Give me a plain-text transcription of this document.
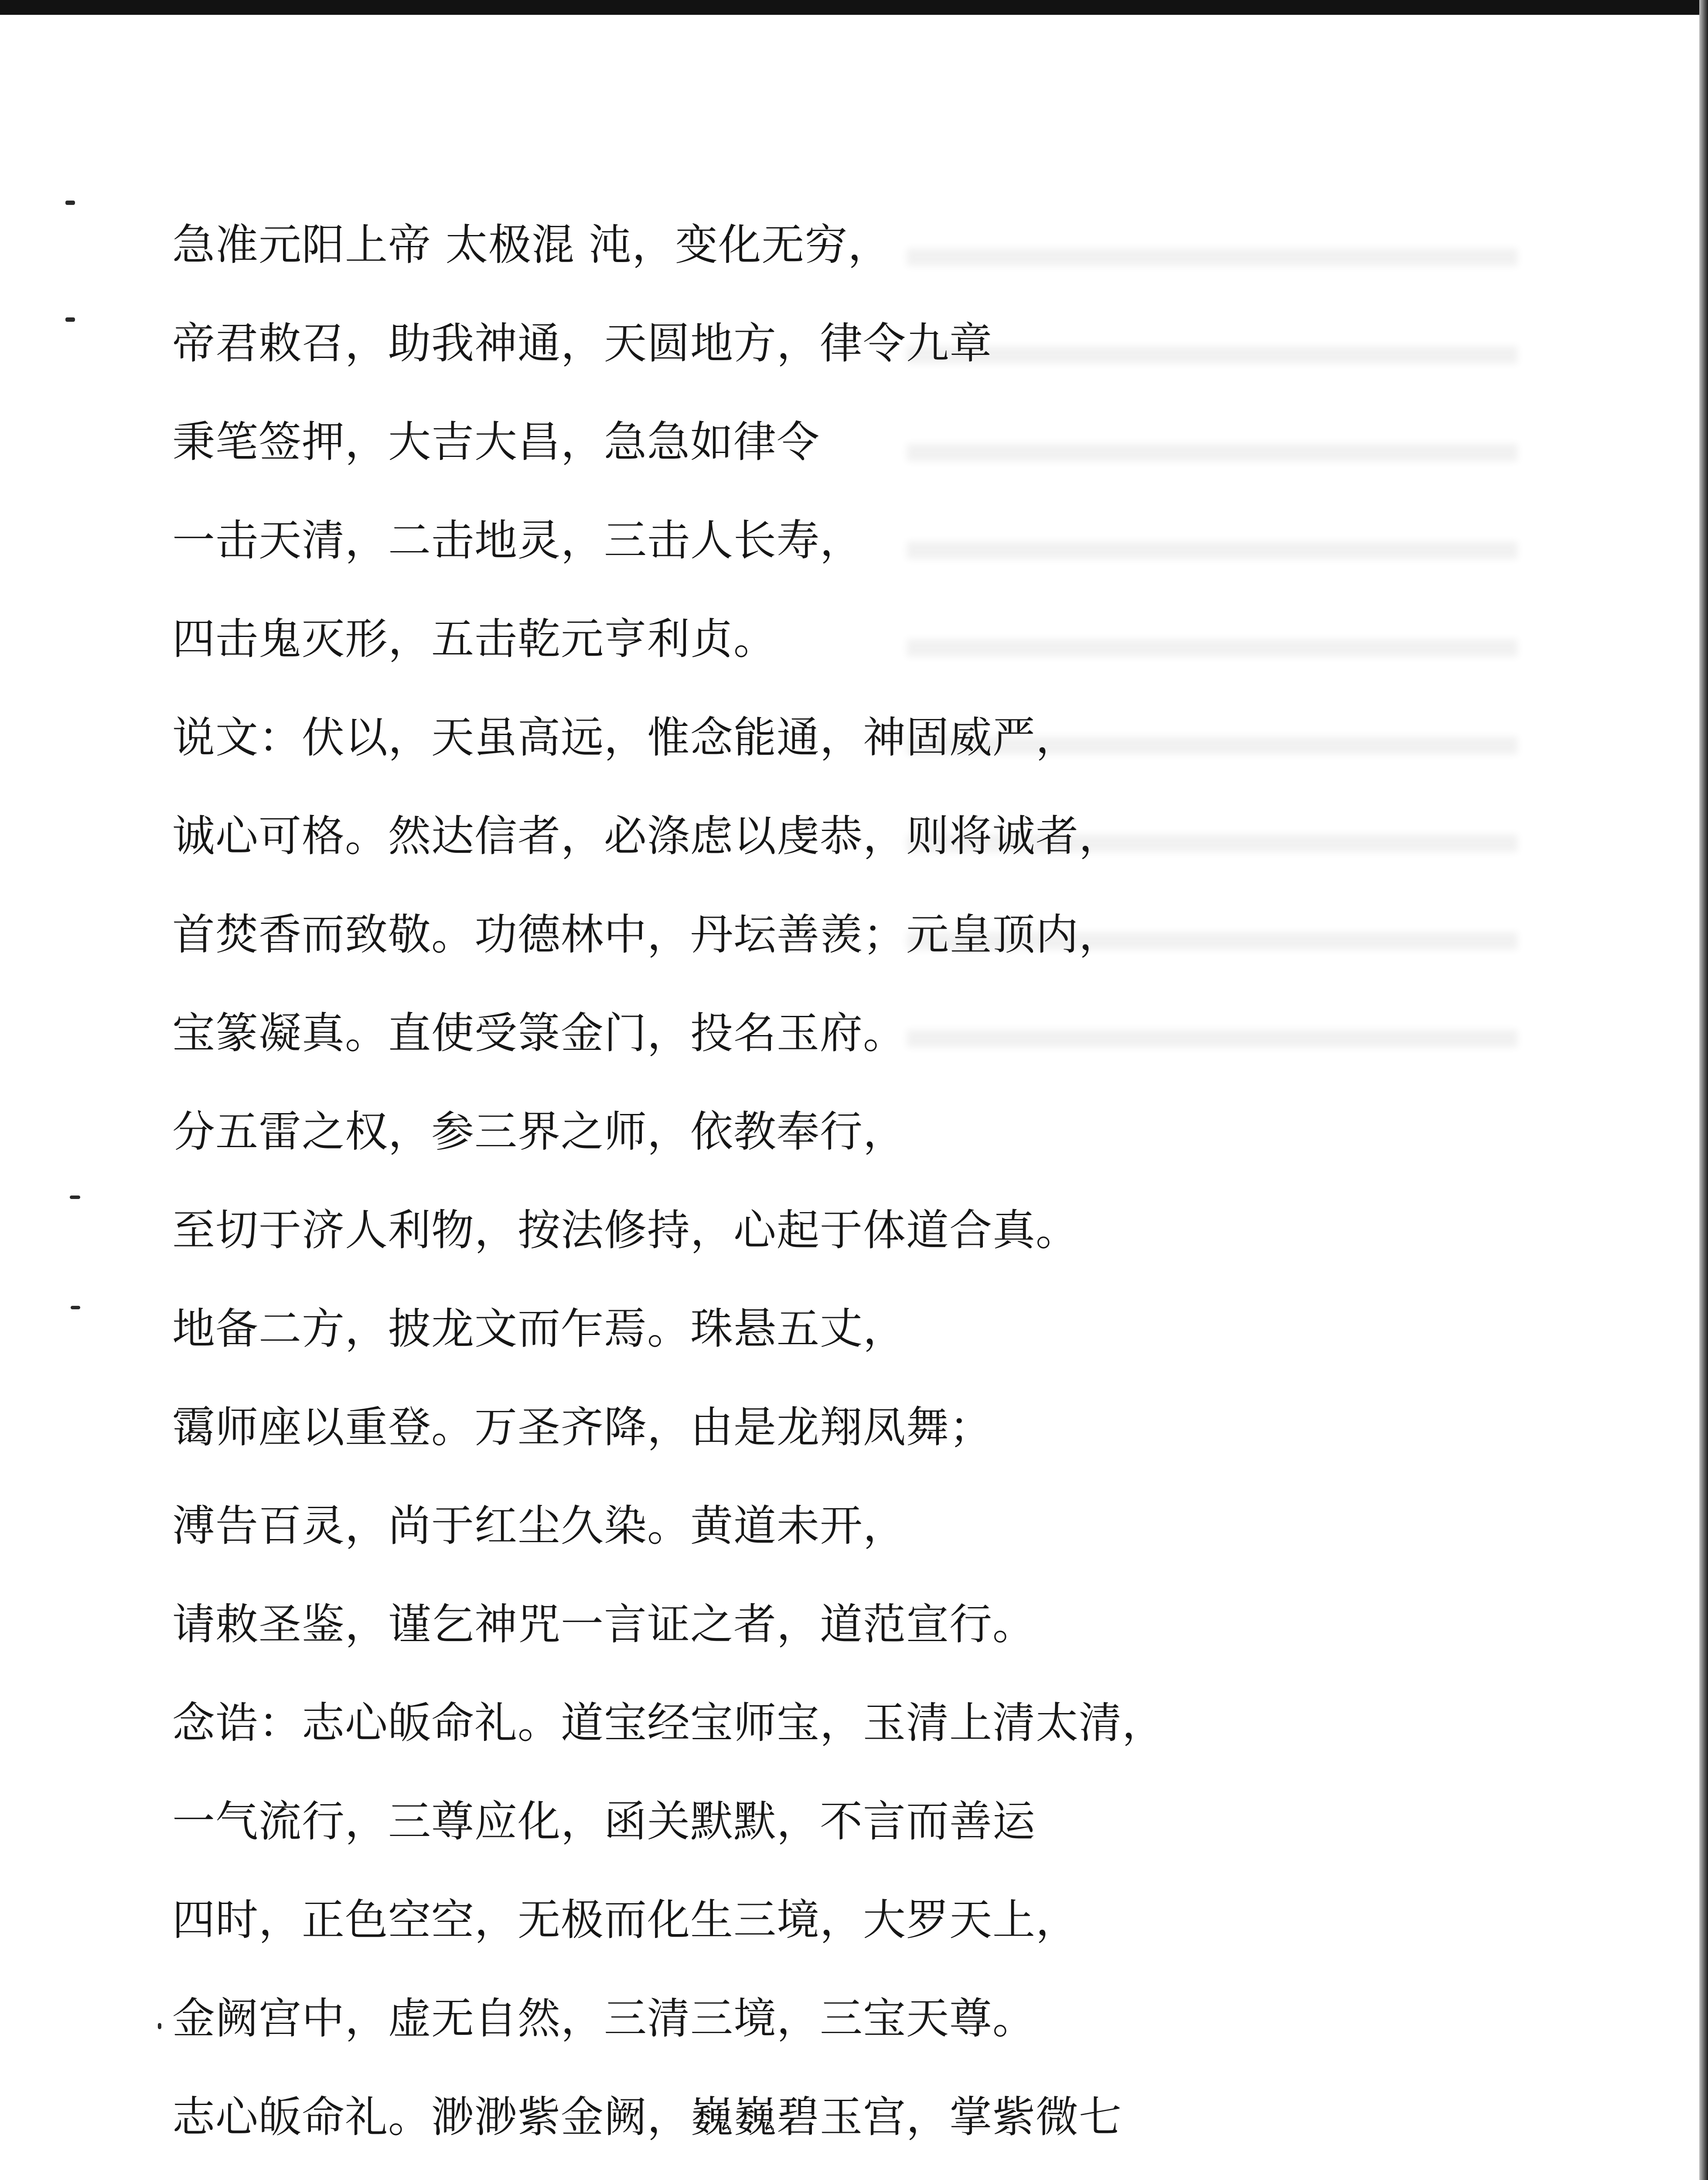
急准元阳上帝 太极混 沌，变化无穷，
帝君敕召，助我神通，天圆地方，律令九章
秉笔签押，大吉大昌，急急如律令
一击天清，二击地灵，三击人长寿，
四击鬼灭形，五击乾元亨利贞。
说文：伏以，天虽高远，惟念能通，神固威严，
诚心可格。然达信者，必涤虑以虔恭，则将诚者，
首焚香而致敬。功德林中，丹坛善羡；元皇顶内，
宝篆凝真。直使受箓金门，投名玉府。
分五雷之权，参三界之师，依教奉行，
至切于济人利物，按法修持，心起于体道合真。
地备二方，披龙文而乍焉。珠悬五丈，
霭师座以重登。万圣齐降，由是龙翔凤舞；
溥告百灵，尚于红尘久染。黄道未开，
请敕圣鉴，谨乞神咒一言证之者，道范宣行。
念诰：志心皈命礼。道宝经宝师宝，玉清上清太清，
一气流行，三尊应化，函关默默，不言而善运
四时，正色空空，无极而化生三境，大罗天上，
金阙宫中，虚无自然，三清三境，三宝天尊。
志心皈命礼。渺渺紫金阙，巍巍碧玉宫，掌紫微七
